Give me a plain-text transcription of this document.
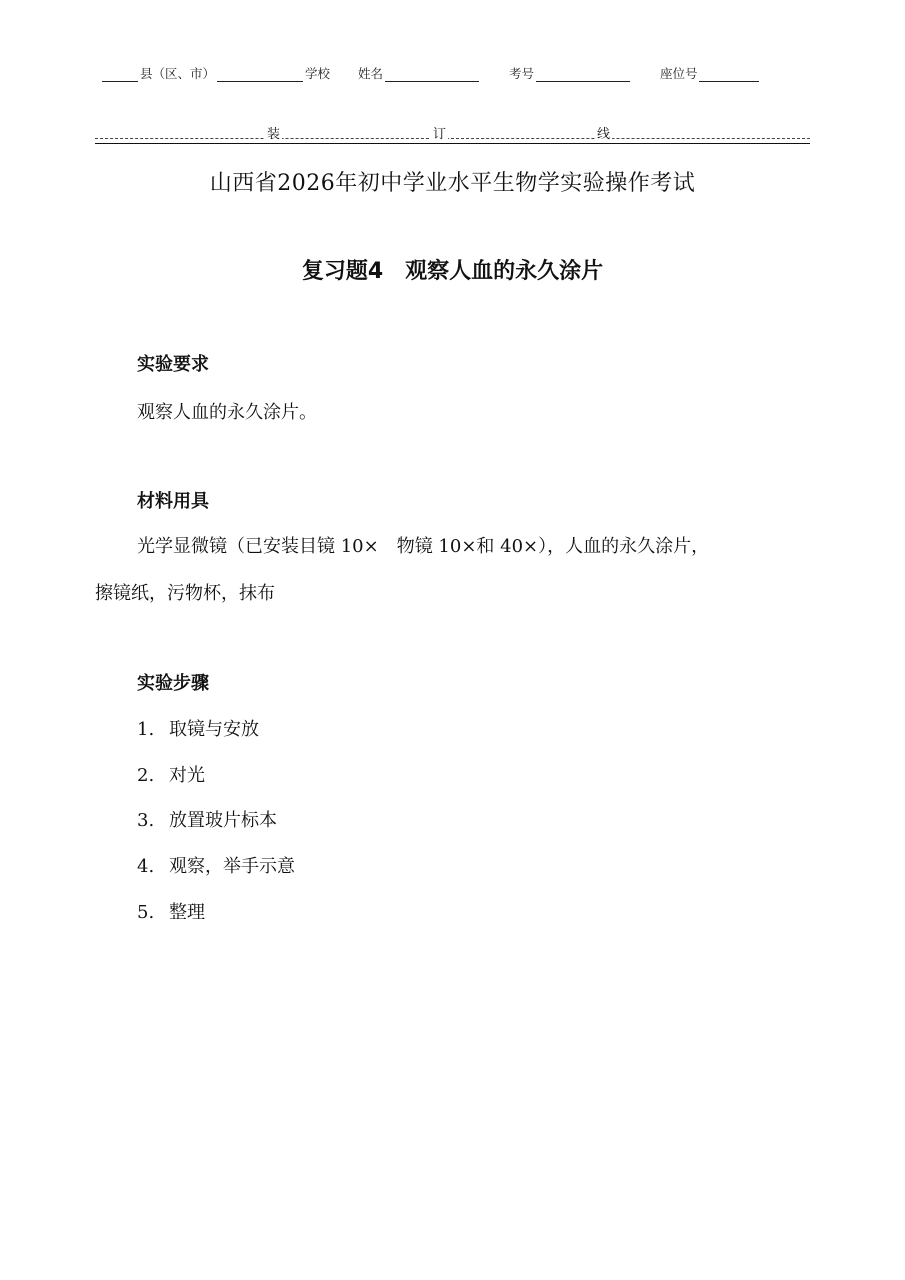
县（区、市）	学校 姓名	考号	座位号
装	订	线
山西省2026年初中学业水平生物学实验操作考试
复习题4　观察人血的永久涂片
实验要求
观察人血的永久涂片。
材料用具
光学显微镜（已安装目镜 10×　物镜 10×和 40×），人血的永久涂片，
擦镜纸，污物杯，抹布
实验步骤
1. 取镜与安放
2. 对光
3. 放置玻片标本
4. 观察，举手示意
5. 整理
